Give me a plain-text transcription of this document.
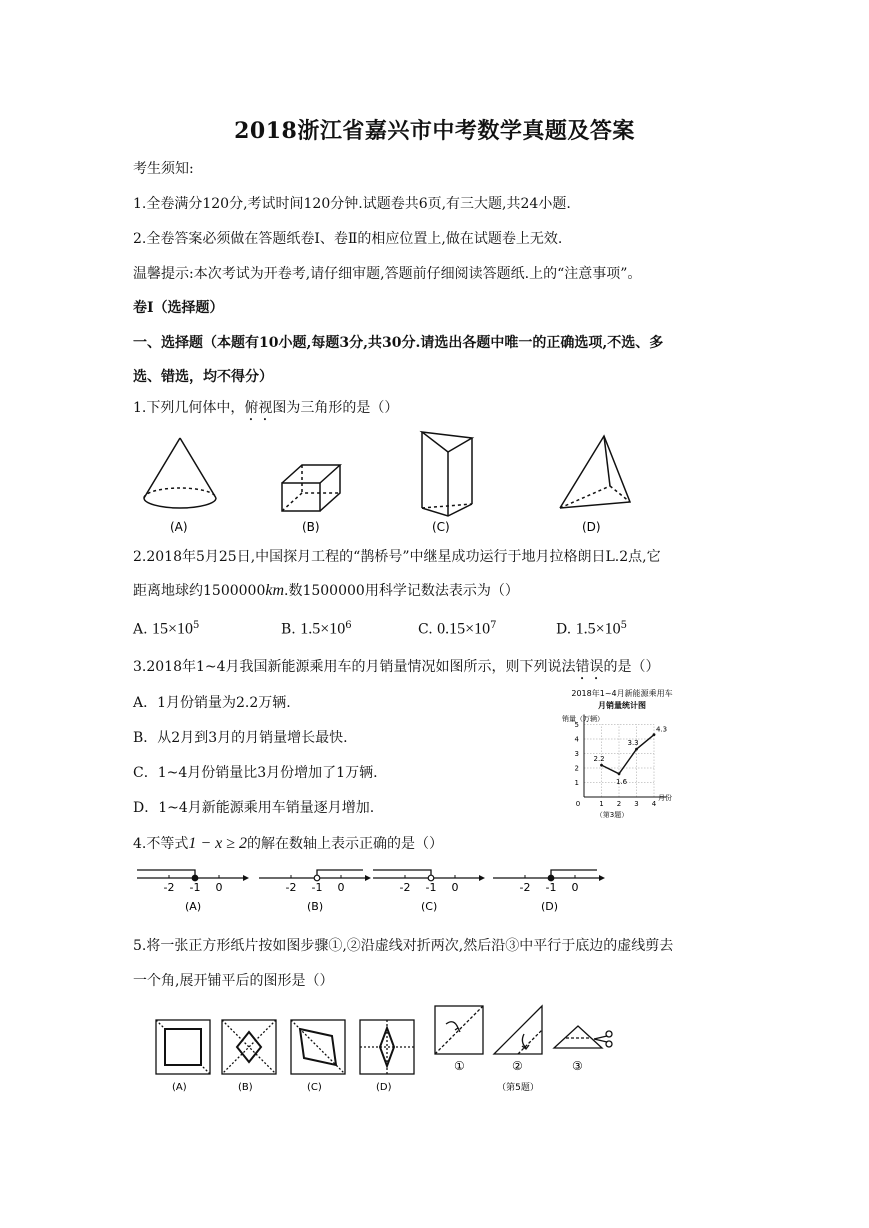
2018浙江省嘉兴市中考数学真题及答案
考生须知:
1.全卷满分120分,考试时间120分钟.试题卷共6页,有三大题,共24小题.
2.全卷答案必须做在答题纸卷Ⅰ、卷Ⅱ的相应位置上,做在试题卷上无效.
温馨提示:本次考试为开卷考,请仔细审题,答题前仔细阅读答题纸.上的“注意事项”。
卷Ⅰ（选择题）
一、选择题（本题有10小题,每题3分,共30分.请选出各题中唯一的正确选项,不选、多
选、错选，均不得分）
1.下列几何体中，俯视图为三角形的是（）
(A)	(B)	(C)	(D)
2.2018年5月25日,中国探月工程的“鹊桥号”中继星成功运行于地月拉格朗日L.2点,它
距离地球约1500000km.数1500000用科学记数法表示为（）
A. $15\times 10^5$	B. $1.5\times 10^6$	C. $0.15\times 10^7$	D. $1.5\times 10^5$
3.2018年1~4月我国新能源乘用车的月销量情况如图所示，则下列说法错误的是（）
A．1月份销量为2.2万辆.
B．从2月到3月的月销量增长最快.
C．1~4月份销量比3月份增加了1万辆.
D．1~4月新能源乘用车销量逐月增加.
2018年1~4月新能源乘用车
月销量统计图
销量（万辆）
1
2
3
4
5
0	1 2 3 4
2.2
1.6
3.3
4.3
月份
（第3题）
4.不等式1 − x ≥ 2的解在数轴上表示正确的是（）
-2 -1 0
(A)
-2 -1 0
(B)
-2 -1 0
(C)
-2 -1 0
(D)
5.将一张正方形纸片按如图步骤①,②沿虚线对折两次,然后沿③中平行于底边的虚线剪去
一个角,展开铺平后的图形是（）
(A)	(B)	(C)	(D)
①	②	③
（第5题）
